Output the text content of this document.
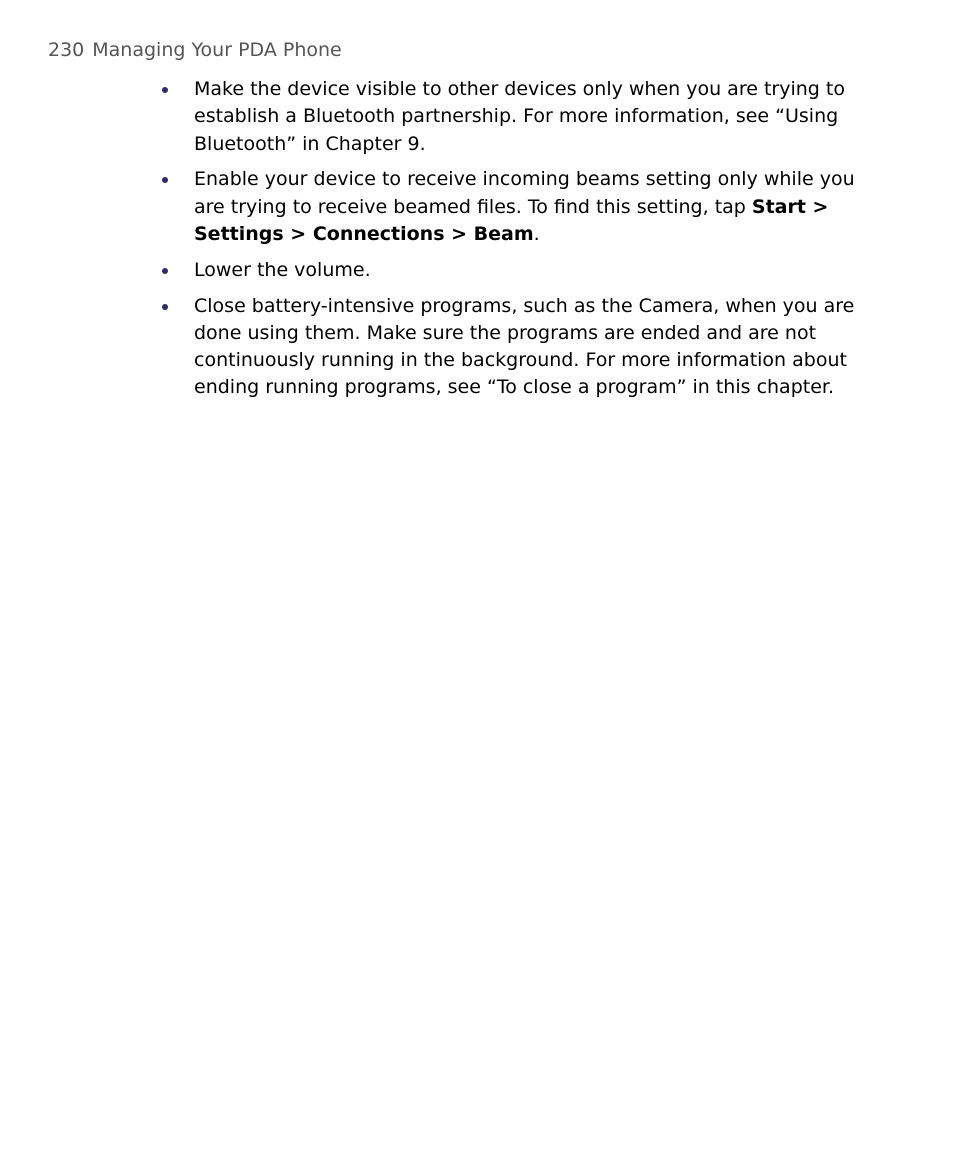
230 Managing Your PDA Phone
Make the device visible to other devices only when you are trying to establish a Bluetooth partnership. For more information, see “Using Bluetooth” in Chapter 9.
Enable your device to receive incoming beams setting only while you are trying to receive beamed files. To find this setting, tap Start > Settings > Connections > Beam.
Lower the volume.
Close battery-intensive programs, such as the Camera, when you are done using them. Make sure the programs are ended and are not continuously running in the background. For more information about ending running programs, see “To close a program” in this chapter.
